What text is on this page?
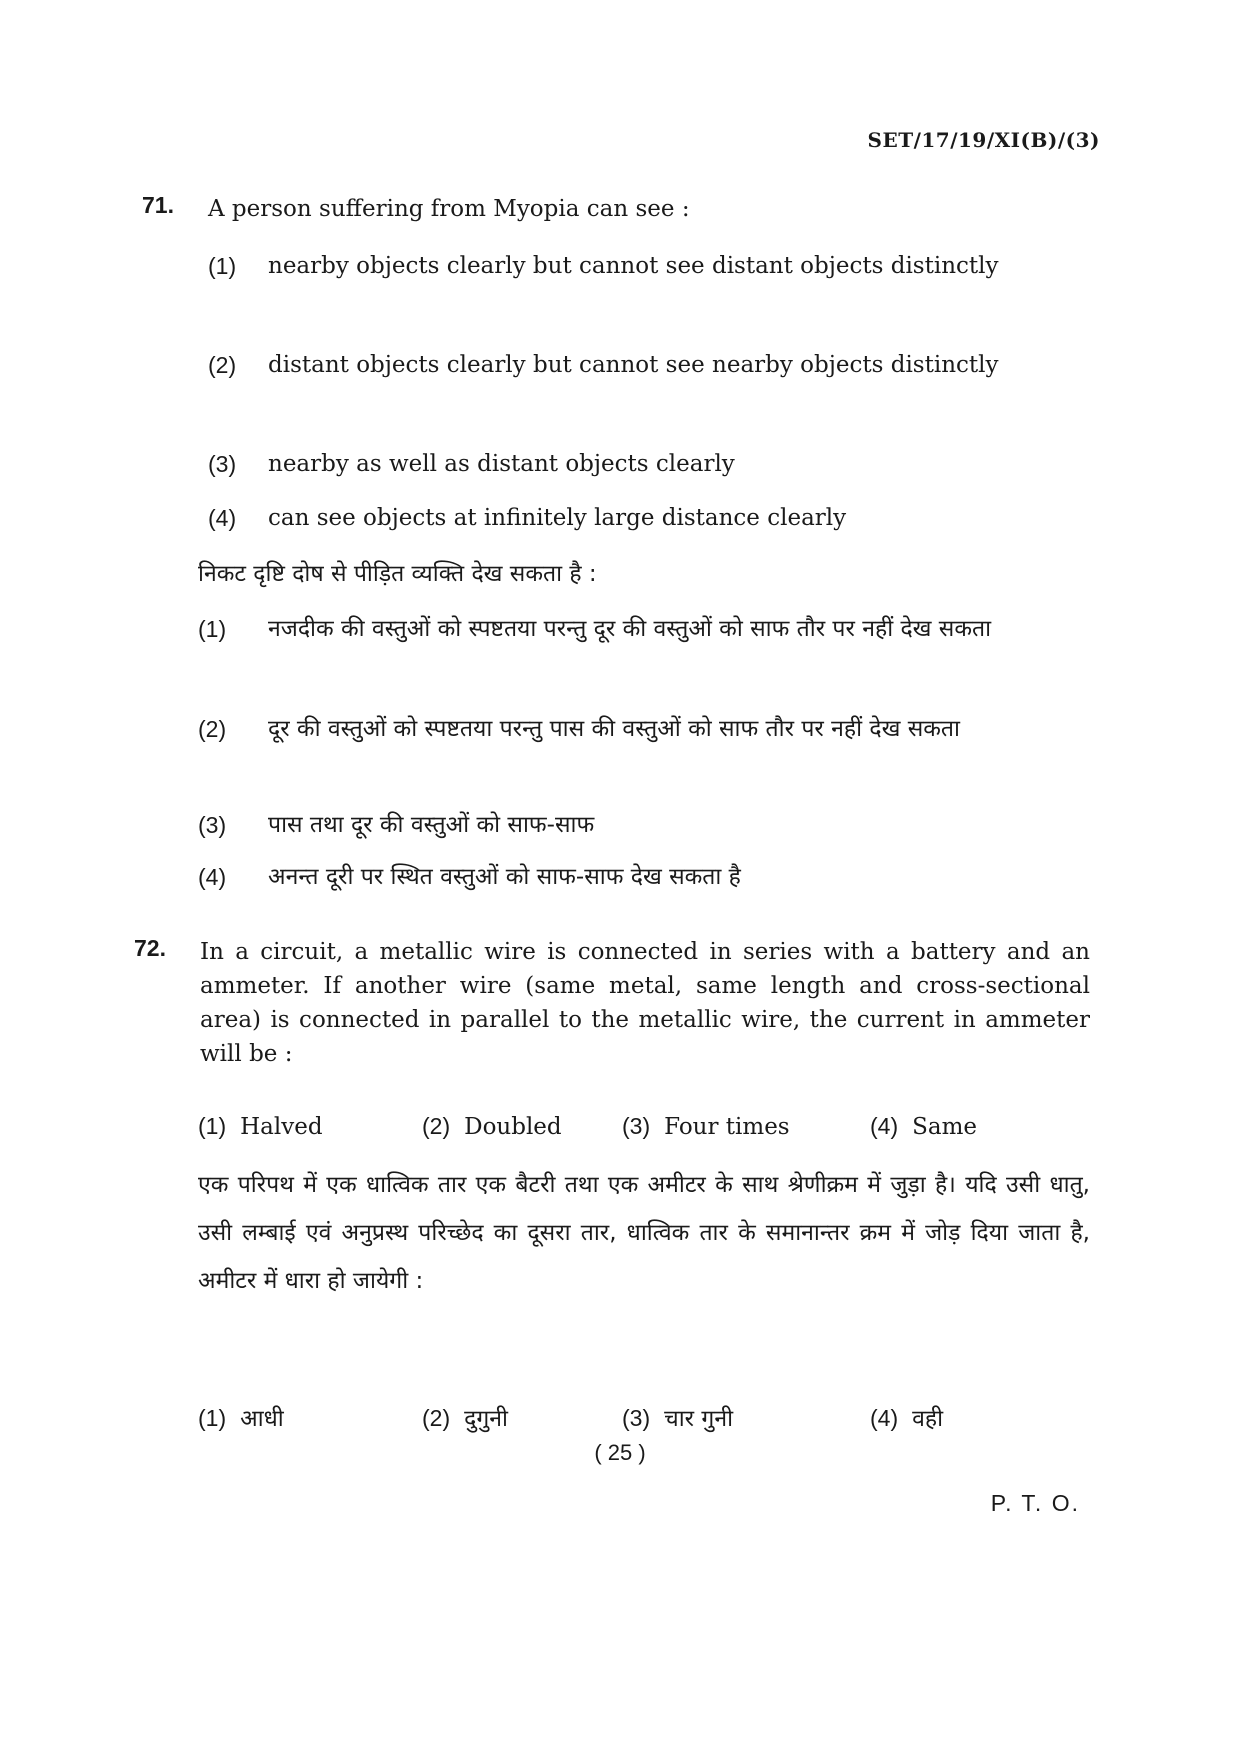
SET/17/19/XI(B)/(3)
71. A person suffering from Myopia can see :
(1) nearby objects clearly but cannot see distant objects distinctly
(2) distant objects clearly but cannot see nearby objects distinctly
(3) nearby as well as distant objects clearly
(4) can see objects at infinitely large distance clearly
निकट दृष्टि दोष से पीड़ित व्यक्ति देख सकता है :
(1) नजदीक की वस्तुओं को स्पष्टतया परन्तु दूर की वस्तुओं को साफ तौर पर नहीं देख सकता
(2) दूर की वस्तुओं को स्पष्टतया परन्तु पास की वस्तुओं को साफ तौर पर नहीं देख सकता
(3) पास तथा दूर की वस्तुओं को साफ-साफ
(4) अनन्त दूरी पर स्थित वस्तुओं को साफ-साफ देख सकता है
72. In a circuit, a metallic wire is connected in series with a battery and an ammeter. If another wire (same metal, same length and cross-sectional area) is connected in parallel to the metallic wire, the current in ammeter will be :
(1) Halved	(2) Doubled	(3) Four times	(4) Same
एक परिपथ में एक धात्विक तार एक बैटरी तथा एक अमीटर के साथ श्रेणीक्रम में जुड़ा है। यदि उसी धातु, उसी लम्बाई एवं अनुप्रस्थ परिच्छेद का दूसरा तार, धात्विक तार के समानान्तर क्रम में जोड़ दिया जाता है, अमीटर में धारा हो जायेगी :
(1) आधी	(2) दुगुनी	(3) चार गुनी	(4) वही
( 25 )
P. T. O.
